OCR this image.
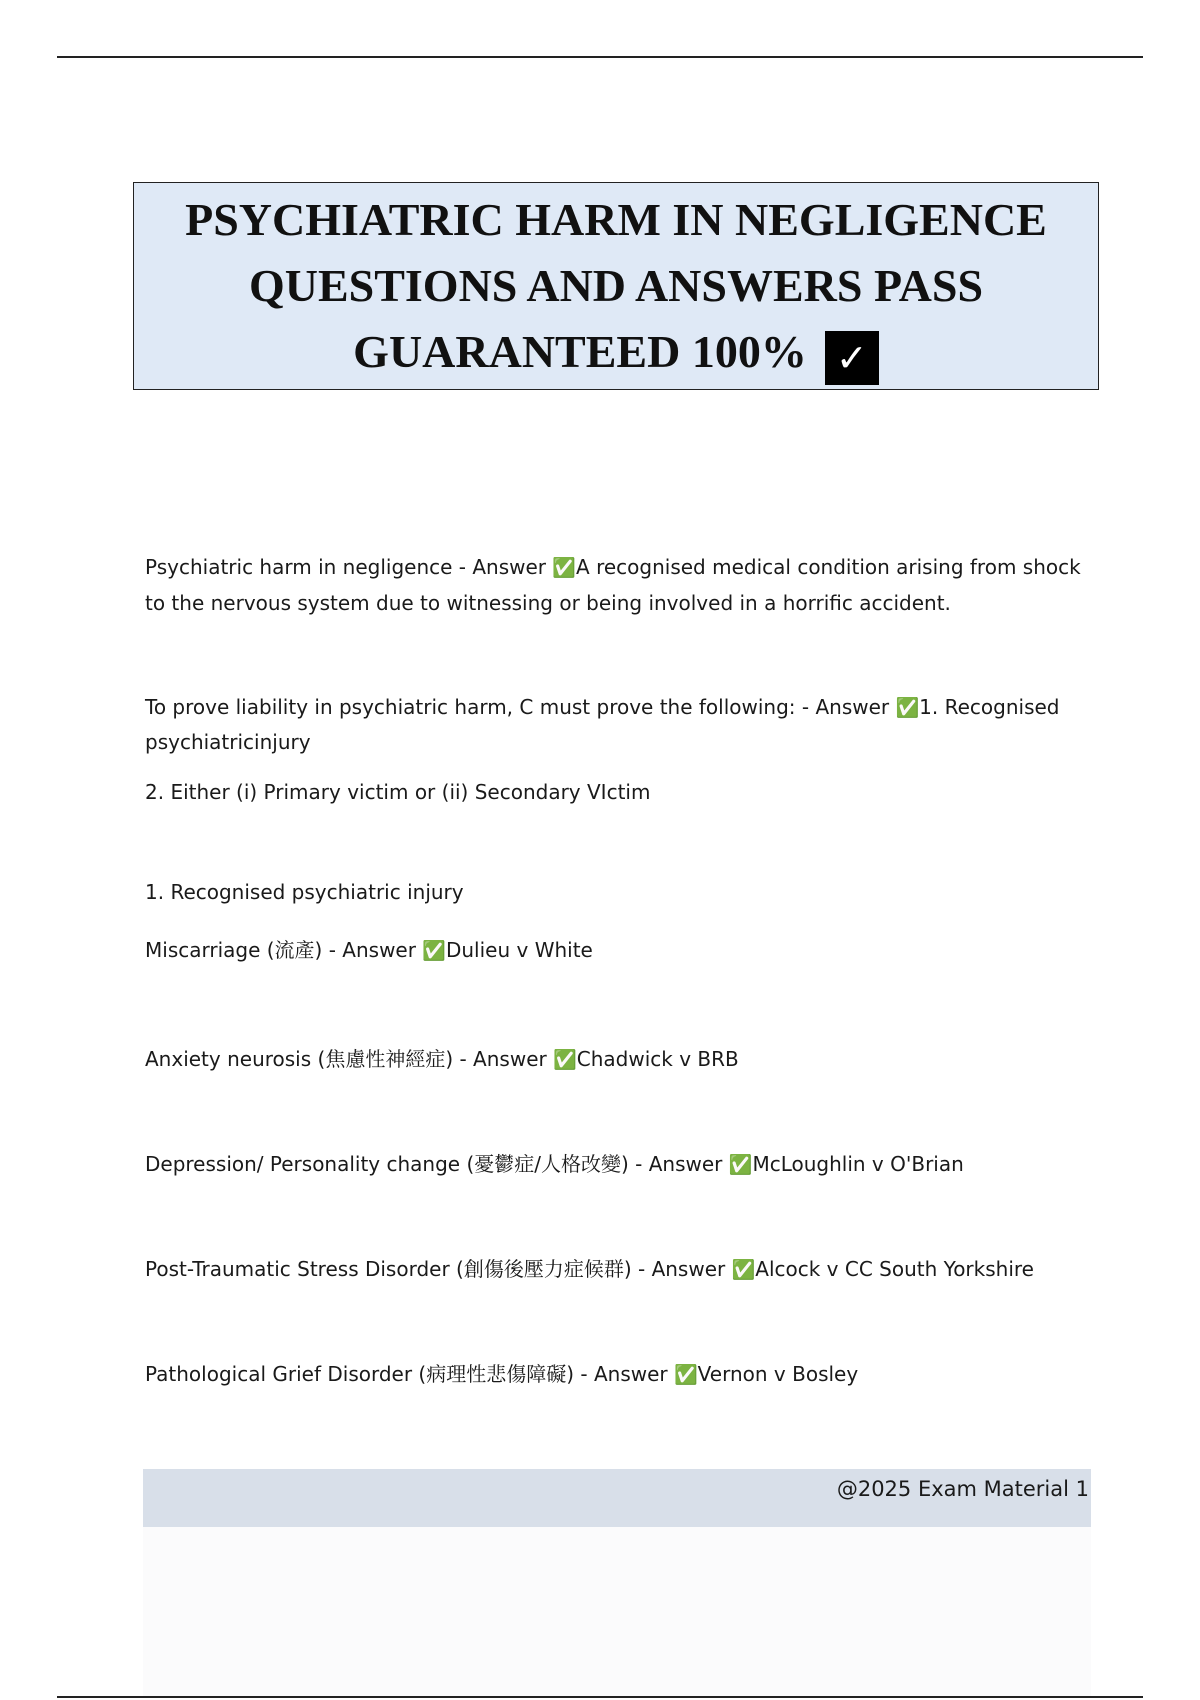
PSYCHIATRIC HARM IN NEGLIGENCE
QUESTIONS AND ANSWERS PASS
GUARANTEED 100% ✓
Psychiatric harm in negligence - Answer ✅A recognised medical condition arising from shock to the nervous system due to witnessing or being involved in a horrific accident.
To prove liability in psychiatric harm, C must prove the following: - Answer ✅1. Recognised
psychiatricinjury
2. Either (i) Primary victim or (ii) Secondary VIctim
1. Recognised psychiatric injury
Miscarriage (流產) - Answer ✅Dulieu v White
Anxiety neurosis (焦慮性神經症) - Answer ✅Chadwick v BRB
Depression/ Personality change (憂鬱症/人格改變) - Answer ✅McLoughlin v O'Brian
Post-Traumatic Stress Disorder (創傷後壓力症候群) - Answer ✅Alcock v CC South Yorkshire
Pathological Grief Disorder (病理性悲傷障礙) - Answer ✅Vernon v Bosley
@2025 Exam Material 1
